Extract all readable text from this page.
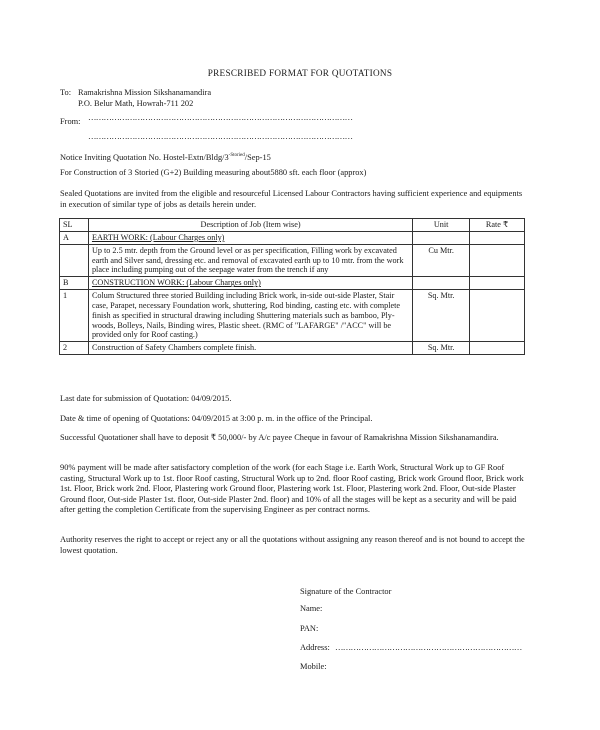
PRESCRIBED FORMAT FOR QUOTATIONS
To: Ramakrishna Mission Sikshanamandira
P.O. Belur Math, Howrah-711 202
From: …………………………………………………………………………………………
…………………………………………………………………………………………
Notice Inviting Quotation No. Hostel-$Extn/Bldg/3^{-Storied}/Sep-15$
For Construction of 3 Storied (G+2) Building measuring about5880 sft. each floor (approx)
Sealed Quotations are invited from the eligible and resourceful Licensed Labour Contractors having sufficient experience and equipments in execution of similar type of jobs as details herein under.
SL	Description of Job (Item wise)	Unit	Rate ₹
A	EARTH WORK: (Labour Charges only)		
	Up to 2.5 mtr. depth from the Ground level or as per specification, Filling work by excavated earth and Silver sand, dressing etc. and removal of excavated earth up to 10 mtr. from the work place including pumping out of the seepage water from the trench if any	Cu Mtr.	
B	CONSTRUCTION WORK: (Labour Charges only)		
1	Colum Structured three storied Building including Brick work, in-side out-side Plaster, Stair case, Parapet, necessary Foundation work, shuttering, Rod binding, casting etc. with complete finish as specified in structural drawing including Shuttering materials such as bamboo, Ply-woods, Bolleys, Nails, Binding wires, Plastic sheet. (RMC of "LAFARGE" /"ACC" will be provided only for Roof casting.)	Sq. Mtr.	
2	Construction of Safety Chambers complete finish.	Sq. Mtr.	
Last date for submission of Quotation: 04/09/2015.
Date & time of opening of Quotations: 04/09/2015 at 3:00 p. m. in the office of the Principal.
Successful Quotationer shall have to deposit ₹ 50,000/- by A/c payee Cheque in favour of Ramakrishna Mission Sikshanamandira.
90% payment will be made after satisfactory completion of the work (for each Stage i.e. Earth Work, Structural Work up to GF Roof casting, Structural Work up to 1st. floor Roof casting, Structural Work up to 2nd. floor Roof casting, Brick work Ground floor, Brick work 1st. Floor, Brick work 2nd. Floor, Plastering work Ground floor, Plastering work 1st. Floor, Plastering work 2nd. Floor, Out-side Plaster Ground floor, Out-side Plaster 1st. floor, Out-side Plaster 2nd. floor) and 10% of all the stages will be kept as a security and will be paid after getting the completion Certificate from the supervising Engineer as per contract norms.
Authority reserves the right to accept or reject any or all the quotations without assigning any reason thereof and is not bound to accept the lowest quotation.
Signature of the Contractor
Name:
PAN:
Address: ………………………………………………………………
Mobile:
